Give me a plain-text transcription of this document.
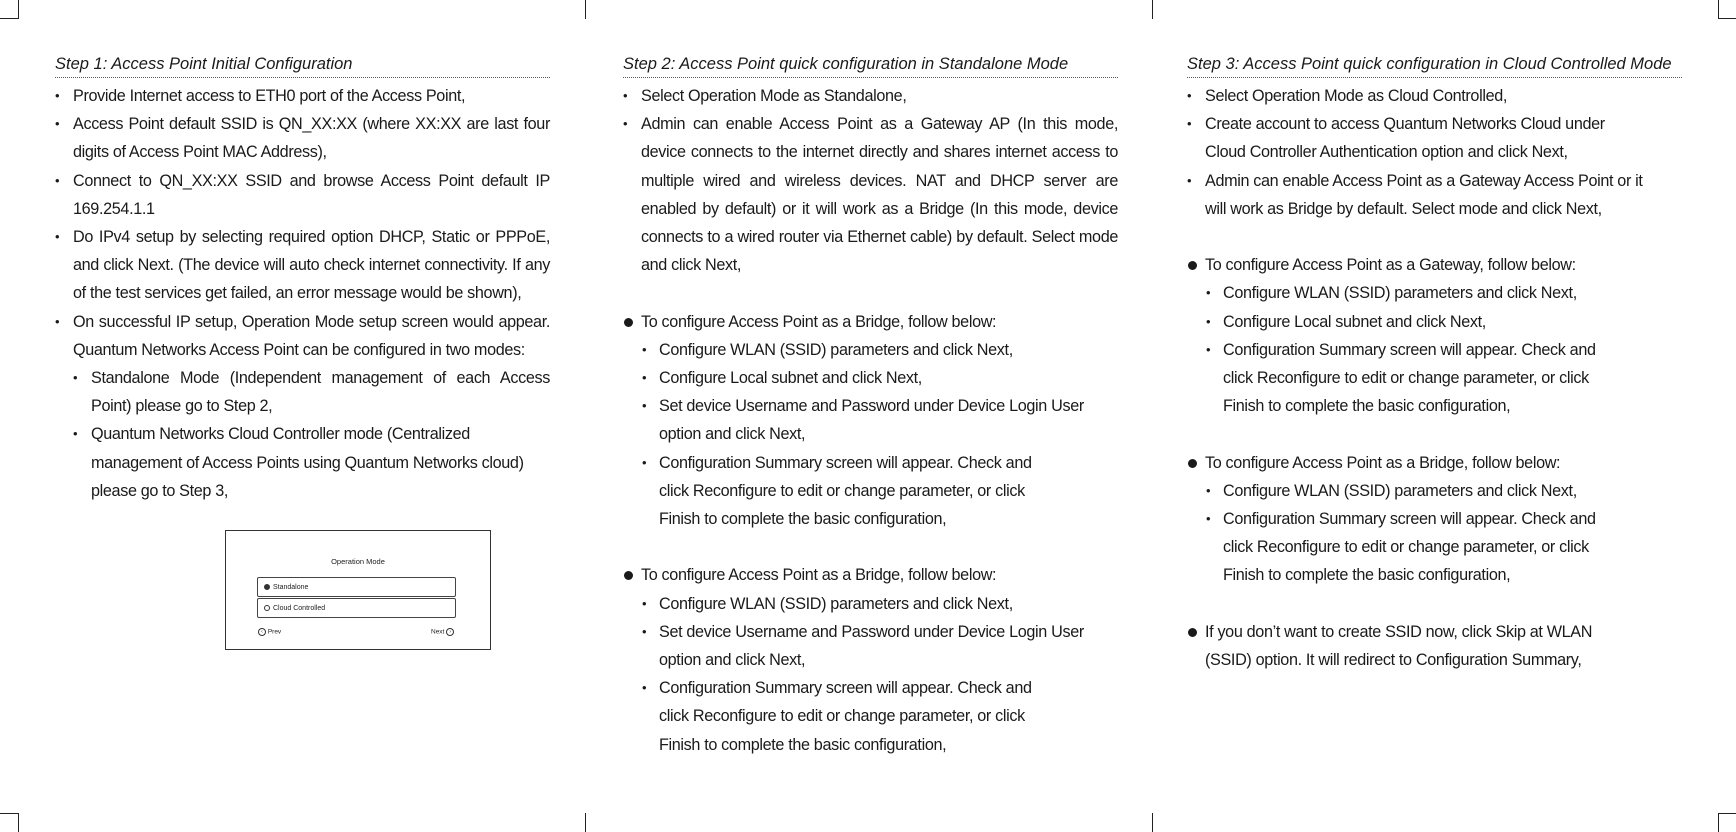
Step 1: Access Point Initial Configuration
• Provide Internet access to ETH0 port of the Access Point,
• Access Point default SSID is QN_XX:XX (where XX:XX are last four digits of Access Point MAC Address),
• Connect to QN_XX:XX SSID and browse Access Point default IP 169.254.1.1
• Do IPv4 setup by selecting required option DHCP, Static or PPPoE, and click Next. (The device will auto check internet connectivity. If any of the test services get failed, an error message would be shown),
• On successful IP setup, Operation Mode setup screen would appear. Quantum Networks Access Point can be configured in two modes:
• Standalone Mode (Independent management of each Access Point) please go to Step 2,
• Quantum Networks Cloud Controller mode (Centralized management of Access Points using Quantum Networks cloud)
please go to Step 3,
Operation Mode
Standalone
Cloud Controlled
‹ Prev	Next ›
Step 2: Access Point quick configuration in Standalone Mode
• Select Operation Mode as Standalone,
• Admin can enable Access Point as a Gateway AP (In this mode, device connects to the internet directly and shares internet access to multiple wired and wireless devices. NAT and DHCP server are enabled by default) or it will work as a Bridge (In this mode, device connects to a wired router via Ethernet cable) by default. Select mode and click Next,
To configure Access Point as a Bridge, follow below:
• Configure WLAN (SSID) parameters and click Next,
• Configure Local subnet and click Next,
• Set device Username and Password under Device Login User option and click Next,
• Configuration Summary screen will appear. Check and click Reconfigure to edit or change parameter, or click Finish to complete the basic configuration,
To configure Access Point as a Bridge, follow below:
• Configure WLAN (SSID) parameters and click Next,
• Set device Username and Password under Device Login User option and click Next,
• Configuration Summary screen will appear. Check and click Reconfigure to edit or change parameter, or click Finish to complete the basic configuration,
Step 3: Access Point quick configuration in Cloud Controlled Mode
• Select Operation Mode as Cloud Controlled,
• Create account to access Quantum Networks Cloud under Cloud Controller Authentication option and click Next,
• Admin can enable Access Point as a Gateway Access Point or it will work as Bridge by default. Select mode and click Next,
To configure Access Point as a Gateway, follow below:
• Configure WLAN (SSID) parameters and click Next,
• Configure Local subnet and click Next,
• Configuration Summary screen will appear. Check and click Reconfigure to edit or change parameter, or click Finish to complete the basic configuration,
To configure Access Point as a Bridge, follow below:
• Configure WLAN (SSID) parameters and click Next,
• Configuration Summary screen will appear. Check and click Reconfigure to edit or change parameter, or click Finish to complete the basic configuration,
If you don’t want to create SSID now, click Skip at WLAN (SSID) option. It will redirect to Configuration Summary,
